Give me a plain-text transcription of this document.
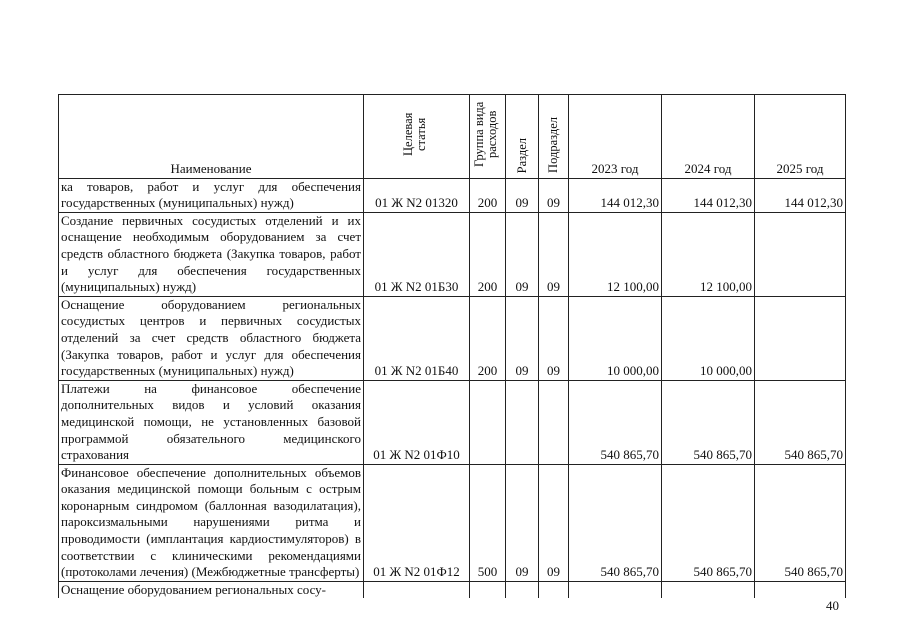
Наименование	Целевая статья	Группа вида расходов	Раздел	Подраздел	2023 год	2024 год	2025 год
ка товаров, работ и услуг для обеспечения государственных (муниципальных) нужд)	01 Ж N2 01320	200	09	09	144 012,30	144 012,30	144 012,30
Создание первичных сосудистых отделений и их оснащение необходимым оборудованием за счет средств областного бюджета (Закупка товаров, работ и услуг для обеспечения государственных (муниципальных) нужд)	01 Ж N2 01Б30	200	09	09	12 100,00	12 100,00	
Оснащение оборудованием региональных сосудистых центров и первичных сосудистых отделений за счет средств областного бюджета (Закупка товаров, работ и услуг для обеспечения государственных (муниципальных) нужд)	01 Ж N2 01Б40	200	09	09	10 000,00	10 000,00	
Платежи на финансовое обеспечение дополнительных видов и условий оказания медицинской помощи, не установленных базовой программой обязательного медицинского страхования	01 Ж N2 01Ф10				540 865,70	540 865,70	540 865,70
Финансовое обеспечение дополнительных объемов оказания медицинской помощи больным с острым коронарным синдромом (баллонная вазодилатация), пароксизмальными нарушениями ритма и проводимости (имплантация кардиостимуляторов) в соответствии с клиническими рекомендациями (протоколами лечения) (Межбюджетные трансферты)	01 Ж N2 01Ф12	500	09	09	540 865,70	540 865,70	540 865,70
Оснащение оборудованием региональных сосу-							
40
